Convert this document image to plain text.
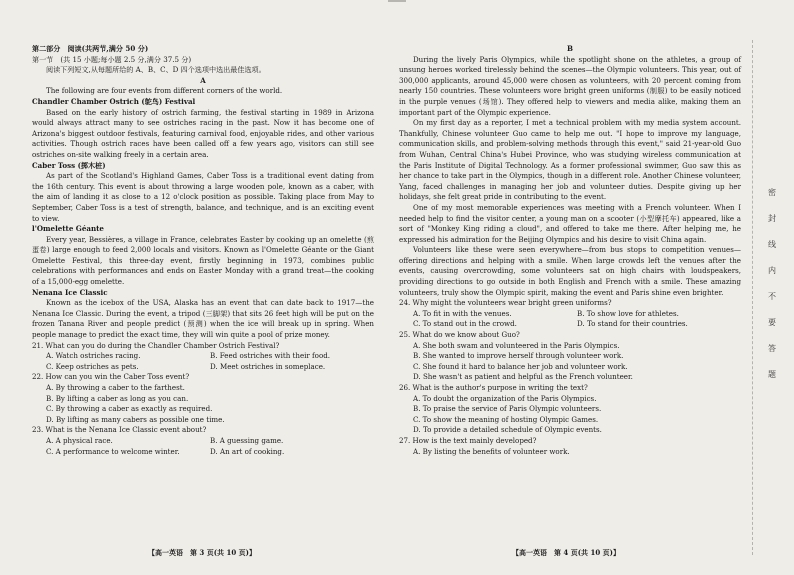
第二部分　阅读(共两节,满分 50 分)

第一节　(共 15 小题;每小题 2.5 分,满分 37.5 分)

阅读下列短文,从每题所给的 A、B、C、D 四个选项中选出最佳选项。

A

The following are four events from different corners of the world.

Chandler Chamber Ostrich (鸵鸟) Festival

Based on the early history of ostrich farming, the festival starting in 1989 in Arizona would always attract many to see ostriches racing in the past. Now it has become one of Arizona's biggest outdoor festivals, featuring carnival food, enjoyable rides, and other various activities. Though ostrich races have been called off a few years ago, visitors can still see ostriches on-site walking freely in a certain area.

Caber Toss (掷木桩)

As part of the Scotland's Highland Games, Caber Toss is a traditional event dating from the 16th century. This event is about throwing a large wooden pole, known as a caber, with the aim of landing it as close to a 12 o'clock position as possible. Taking place from May to September, Caber Toss is a test of strength, balance, and technique, and is an exciting event to view.

l'Omelette Géante

Every year, Bessières, a village in France, celebrates Easter by cooking up an omelette (煎蛋卷) large enough to feed 2,000 locals and visitors. Known as l'Omelette Géante or the Giant Omelette Festival, this three-day event, firstly beginning in 1973, combines public celebrations with performances and ends on Easter Monday with a grand treat—the cooking of a 15,000-egg omelette.

Nenana Ice Classic

Known as the icebox of the USA, Alaska has an event that can date back to 1917—the Nenana Ice Classic. During the event, a tripod (三脚架) that sits 26 feet high will be put on the frozen Tanana River and people predict (预测) when the ice will break up in spring. When people manage to predict the exact time, they will win quite a pool of prize money.

21. What can you do during the Chandler Chamber Ostrich Festival?
A. Watch ostriches racing.	B. Feed ostriches with their food.
C. Keep ostriches as pets.	D. Meet ostriches in someplace.
22. How can you win the Caber Toss event?
A. By throwing a caber to the farthest.
B. By lifting a caber as long as you can.
C. By throwing a caber as exactly as required.
D. By lifting as many cabers as possible one time.
23. What is the Nenana Ice Classic event about?
A. A physical race.	B. A guessing game.
C. A performance to welcome winter.	D. An art of cooking.
【高一英语　第 3 页(共 10 页)】

B

During the lively Paris Olympics, while the spotlight shone on the athletes, a group of unsung heroes worked tirelessly behind the scenes—the Olympic volunteers. This year, out of 300,000 applicants, around 45,000 were chosen as volunteers, with 20 percent coming from nearly 150 countries. These volunteers wore bright green uniforms (制服) to be easily noticed in the purple venues (场馆). They offered help to viewers and media alike, making them an important part of the Olympic experience.

On my first day as a reporter, I met a technical problem with my media system account. Thankfully, Chinese volunteer Guo came to help me out. "I hope to improve my language, communication skills, and problem-solving methods through this event," said 21-year-old Guo from Wuhan, Central China's Hubei Province, who was studying wireless communication at the Paris Institute of Digital Technology. As a former professional swimmer, Guo saw this as her chance to take part in the Olympics, though in a different role. Another Chinese volunteer, Yang, faced challenges in managing her job and volunteer duties. Despite giving up her holidays, she felt great pride in contributing to the event.

One of my most memorable experiences was meeting with a French volunteer. When I needed help to find the visitor center, a young man on a scooter (小型摩托车) appeared, like a sort of "Monkey King riding a cloud", and offered to take me there. After helping me, he expressed his admiration for the Beijing Olympics and his desire to visit China again.

Volunteers like these were seen everywhere—from bus stops to competition venues—offering directions and helping with a smile. When large crowds left the venues after the events, causing overcrowding, some volunteers sat on high chairs with loudspeakers, providing directions to go outside in both English and French with a smile. These amazing volunteers, truly show the Olympic spirit, making the event and Paris shine even brighter.

24. Why might the volunteers wear bright green uniforms?
A. To fit in with the venues.	B. To show love for athletes.
C. To stand out in the crowd.	D. To stand for their countries.
25. What do we know about Guo?
A. She both swam and volunteered in the Paris Olympics.
B. She wanted to improve herself through volunteer work.
C. She found it hard to balance her job and volunteer work.
D. She wasn't as patient and helpful as the French volunteer.
26. What is the author's purpose in writing the text?
A. To doubt the organization of the Paris Olympics.
B. To praise the service of Paris Olympic volunteers.
C. To show the meaning of hosting Olympic Games.
D. To provide a detailed schedule of Olympic events.
27. How is the text mainly developed?
A. By listing the benefits of volunteer work.
【高一英语　第 4 页(共 10 页)】
密
封
线
内
不
要
答
题
